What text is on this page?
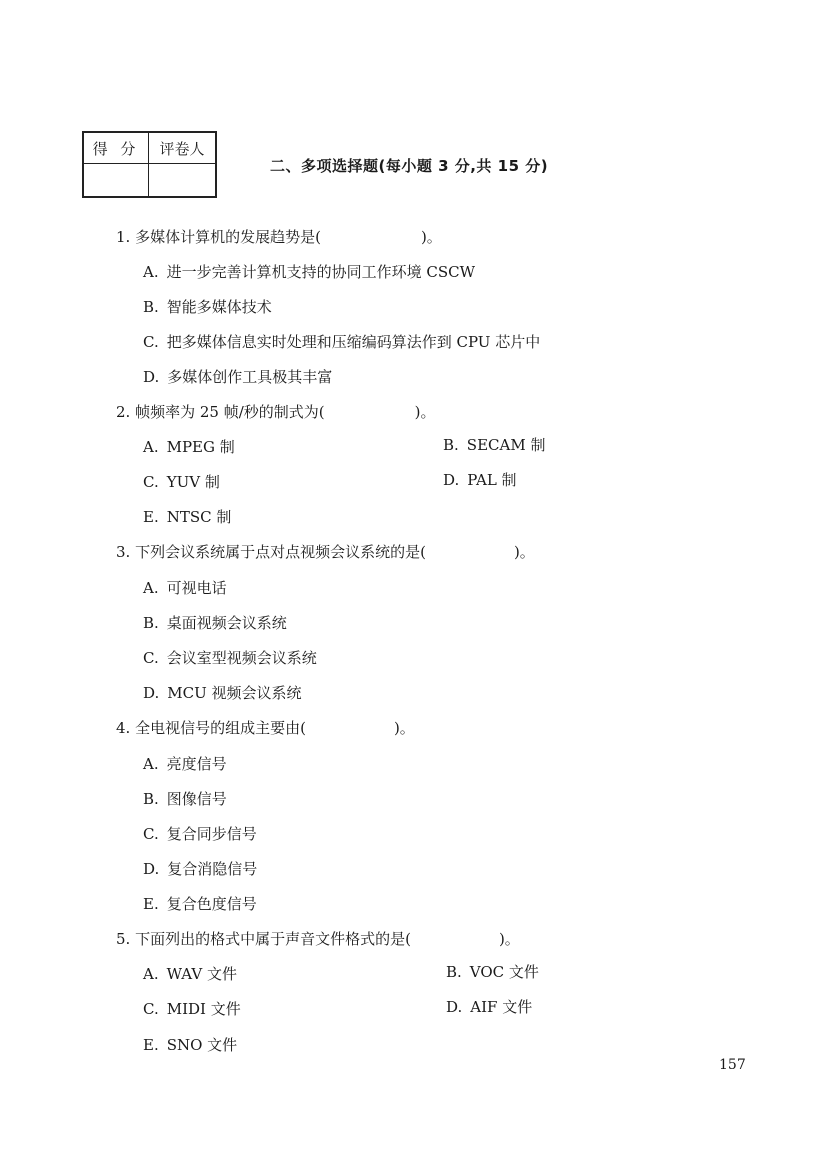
得 分	评卷人

二、多项选择题(每小题 3 分,共 15 分)
1. 多媒体计算机的发展趋势是(	)。
A. 进一步完善计算机支持的协同工作环境 CSCW
B. 智能多媒体技术
C. 把多媒体信息实时处理和压缩编码算法作到 CPU 芯片中
D. 多媒体创作工具极其丰富
2. 帧频率为 25 帧/秒的制式为(	)。
A. MPEG 制	B. SECAM 制
C. YUV 制	D. PAL 制
E. NTSC 制
3. 下列会议系统属于点对点视频会议系统的是(	)。
A. 可视电话
B. 桌面视频会议系统
C. 会议室型视频会议系统
D. MCU 视频会议系统
4. 全电视信号的组成主要由(	)。
A. 亮度信号
B. 图像信号
C. 复合同步信号
D. 复合消隐信号
E. 复合色度信号
5. 下面列出的格式中属于声音文件格式的是(	)。
A. WAV 文件	B. VOC 文件
C. MIDI 文件	D. AIF 文件
E. SNO 文件
157
